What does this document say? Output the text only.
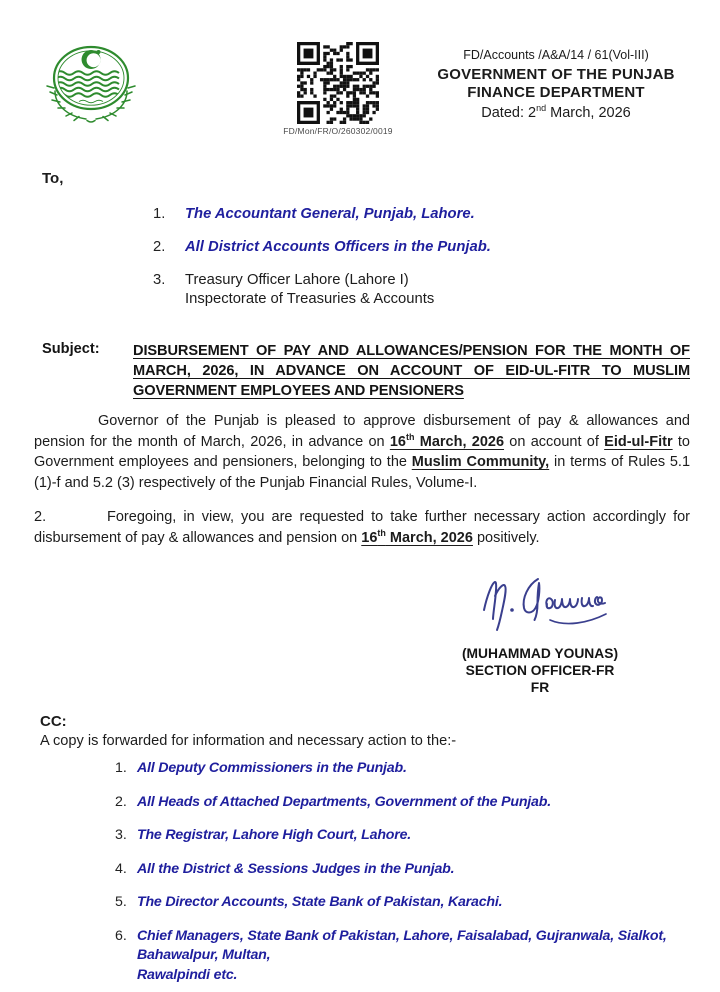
FD/Mon/FR/O/260302/0019
FD/Accounts /A&A/14 / 61(Vol-III)
GOVERNMENT OF THE PUNJAB
FINANCE DEPARTMENT
Dated: 2nd March, 2026
To,
1.	The Accountant General, Punjab, Lahore.
2.	All District Accounts Officers in the Punjab.
3.	Treasury Officer Lahore (Lahore I)
Inspectorate of Treasuries & Accounts
Subject:	DISBURSEMENT OF PAY AND ALLOWANCES/PENSION FOR THE MONTH OF MARCH, 2026, IN ADVANCE ON ACCOUNT OF EID-UL-FITR TO MUSLIM GOVERNMENT EMPLOYEES AND PENSIONERS

Governor of the Punjab is pleased to approve disbursement of pay & allowances and pension for the month of March, 2026, in advance on 16th March, 2026 on account of Eid-ul-Fitr to Government employees and pensioners, belonging to the Muslim Community, in terms of Rules 5.1 (1)-f and 5.2 (3) respectively of the Punjab Financial Rules, Volume-I.

2.	Foregoing, in view, you are requested to take further necessary action accordingly for disbursement of pay & allowances and pension on 16th March, 2026 positively.

(MUHAMMAD YOUNAS)
SECTION OFFICER-FR
FR
CC:
A copy is forwarded for information and necessary action to the:-
1. All Deputy Commissioners in the Punjab.
2. All Heads of Attached Departments, Government of the Punjab.
3. The Registrar, Lahore High Court, Lahore.
4. All the District & Sessions Judges in the Punjab.
5. The Director Accounts, State Bank of Pakistan, Karachi.
6. Chief Managers, State Bank of Pakistan, Lahore, Faisalabad, Gujranwala, Sialkot,
Bahawalpur, Multan,
Rawalpindi etc.
